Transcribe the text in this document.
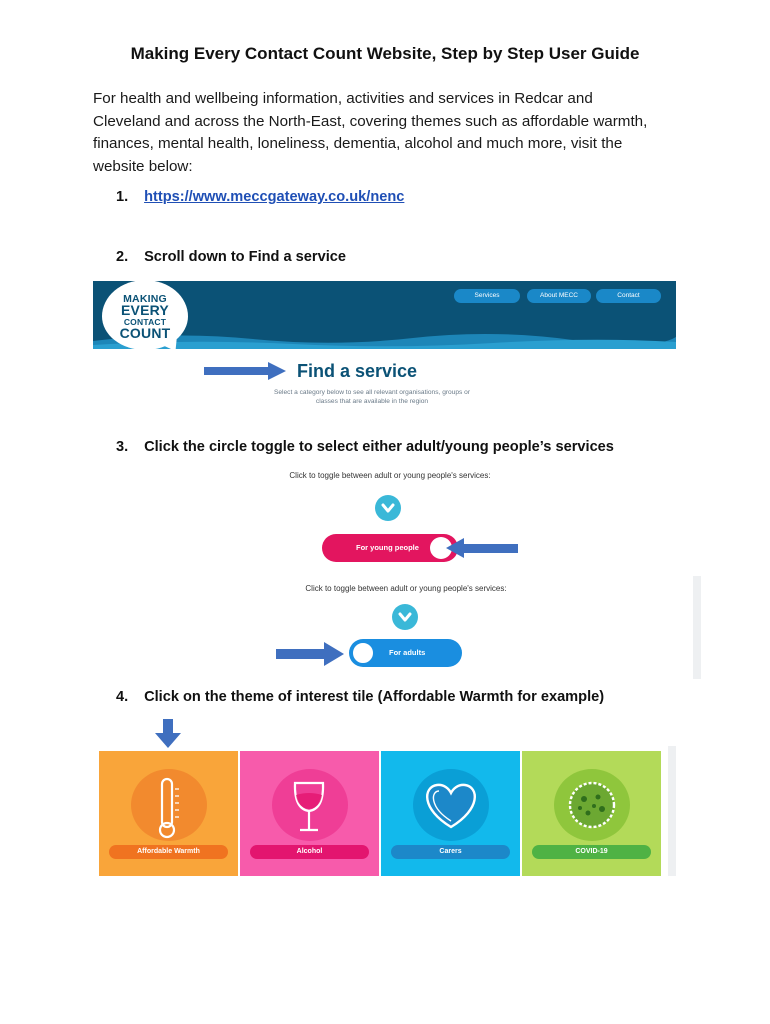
Making Every Contact Count Website, Step by Step User Guide
For health and wellbeing information, activities and services in Redcar and Cleveland and across the North-East, covering themes such as affordable warmth, finances, mental health, loneliness, dementia, alcohol and much more, visit the website below:
1. https://www.meccgateway.co.uk/nenc
2. Scroll down to Find a service
MAKING
EVERY
CONTACT
COUNT
Services	About MECC	Contact
Find a service
Select a category below to see all relevant organisations, groups or classes that are available in the region
3. Click the circle toggle to select either adult/young people’s services
Click to toggle between adult or young people's services:
For young people
Click to toggle between adult or young people's services:
For adults
4. Click on the theme of interest tile (Affordable Warmth for example)
Affordable Warmth	Alcohol	Carers	COVID-19
